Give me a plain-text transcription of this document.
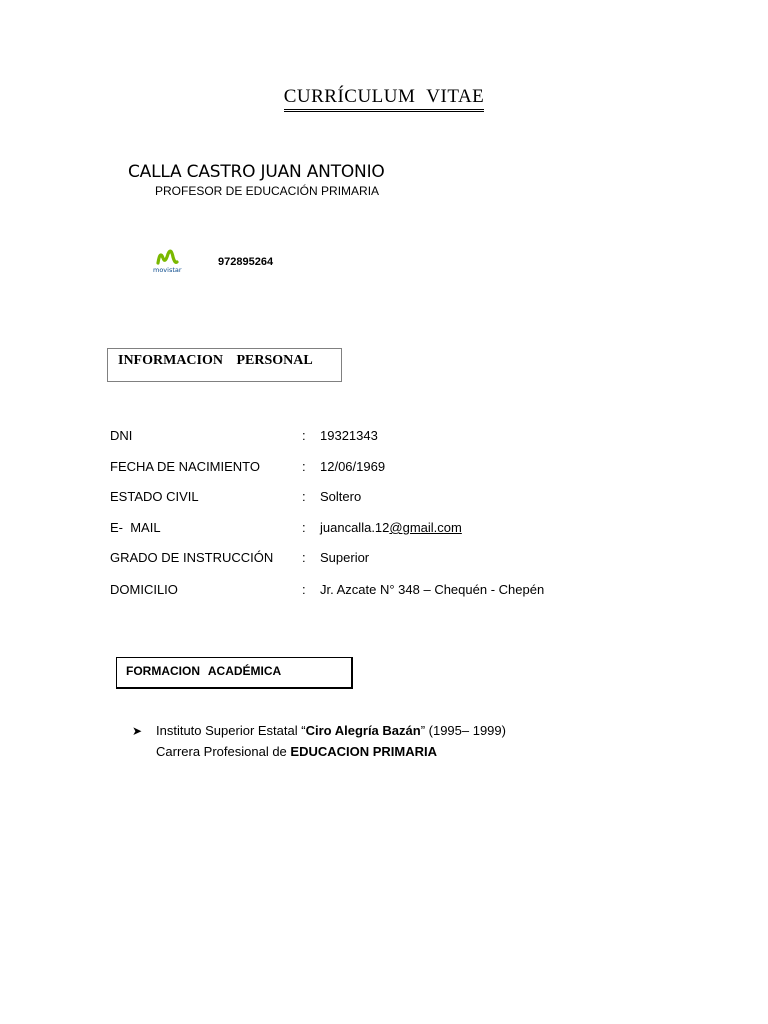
CURRÍCULUM VITAE
CALLA CASTRO JUAN ANTONIO
PROFESOR DE EDUCACIÓN PRIMARIA
movistar
972895264
INFORMACION PERSONAL
DNI	: 19321343
FECHA DE NACIMIENTO	: 12/06/1969
ESTADO CIVIL	: Soltero
E-  MAIL	: juancalla.12@gmail.com
GRADO DE INSTRUCCIÓN : Superior
DOMICILIO	: Jr. Azcate N° 348 – Chequén - Chepén
FORMACION ACADÉMICA
➤ Instituto Superior Estatal “Ciro Alegría Bazán” (1995– 1999)
Carrera Profesional de EDUCACION PRIMARIA
